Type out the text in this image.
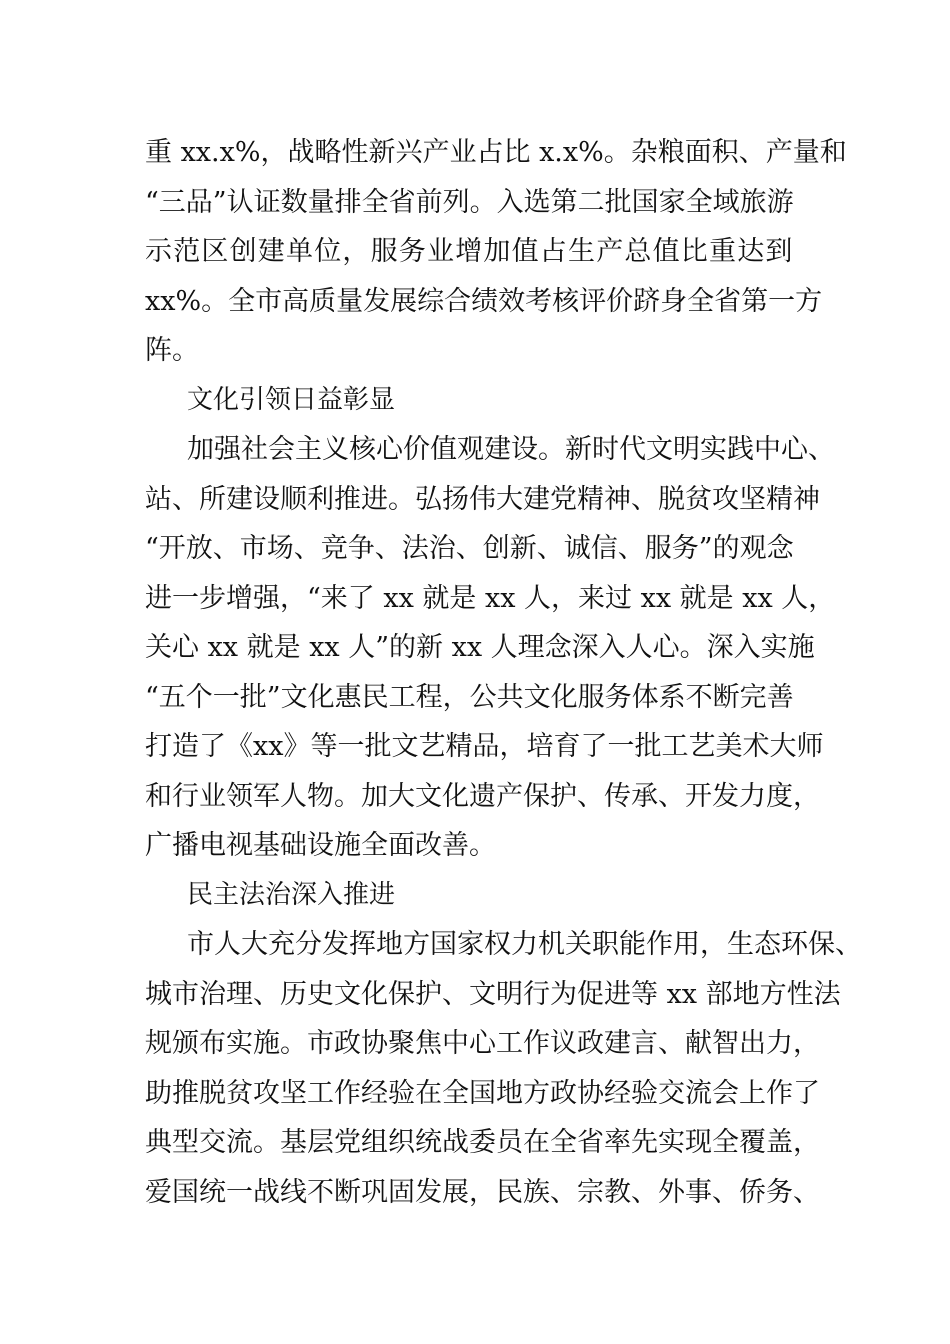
重 xx.x%，战略性新兴产业占比 x.x%。杂粮面积、产量和
“三品”认证数量排全省前列。入选第二批国家全域旅游
示范区创建单位，服务业增加值占生产总值比重达到
xx%。全市高质量发展综合绩效考核评价跻身全省第一方
阵。
文化引领日益彰显
加强社会主义核心价值观建设。新时代文明实践中心、
站、所建设顺利推进。弘扬伟大建党精神、脱贫攻坚精神
“开放、市场、竞争、法治、创新、诚信、服务”的观念
进一步增强，“来了 xx 就是 xx 人，来过 xx 就是 xx 人，
关心 xx 就是 xx 人”的新 xx 人理念深入人心。深入实施
“五个一批”文化惠民工程，公共文化服务体系不断完善
打造了《xx》等一批文艺精品，培育了一批工艺美术大师
和行业领军人物。加大文化遗产保护、传承、开发力度，
广播电视基础设施全面改善。
民主法治深入推进
市人大充分发挥地方国家权力机关职能作用，生态环保、
城市治理、历史文化保护、文明行为促进等 xx 部地方性法
规颁布实施。市政协聚焦中心工作议政建言、献智出力，
助推脱贫攻坚工作经验在全国地方政协经验交流会上作了
典型交流。基层党组织统战委员在全省率先实现全覆盖，
爱国统一战线不断巩固发展，民族、宗教、外事、侨务、
